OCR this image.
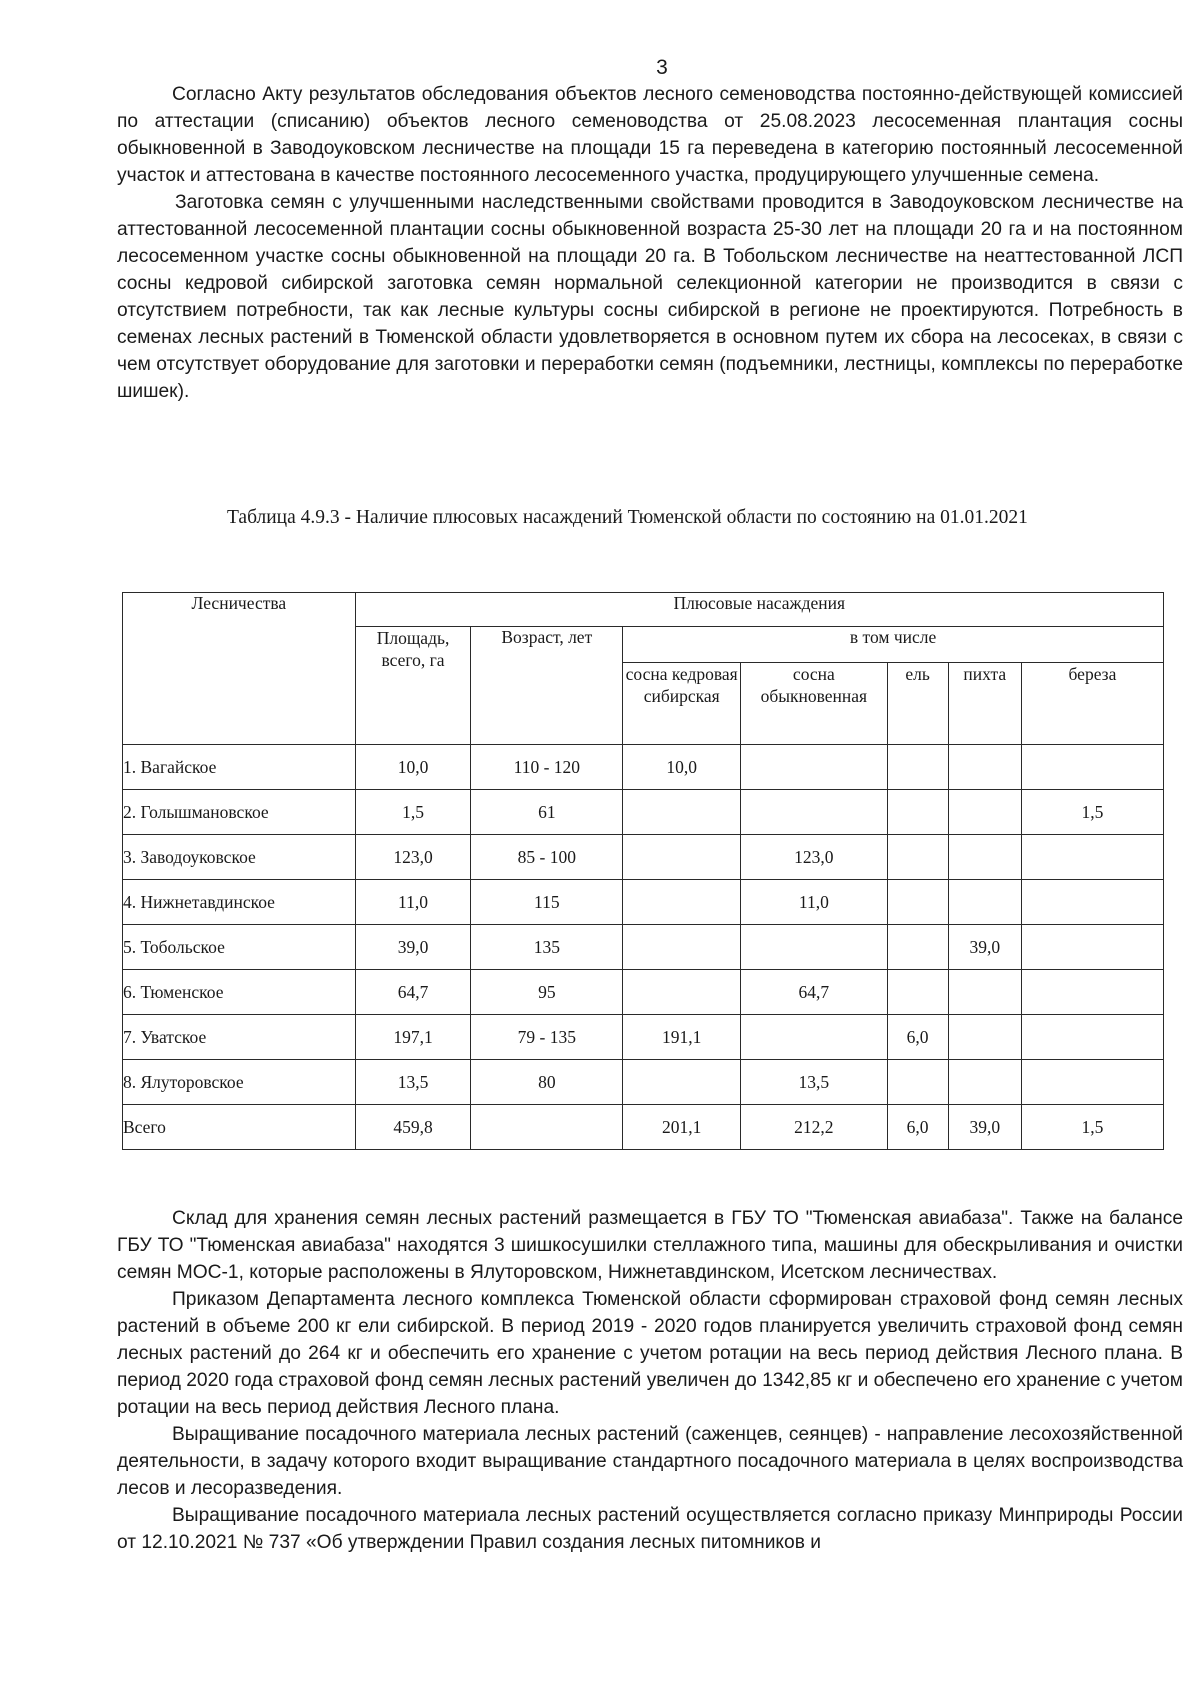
3

Согласно Акту результатов обследования объектов лесного семеноводства постоянно-действующей комиссией по аттестации (списанию) объектов лесного семеноводства от 25.08.2023 лесосеменная плантация сосны обыкновенной в Заводоуковском лесничестве на площади 15 га переведена в категорию постоянный лесосеменной участок и аттестована в качестве постоянного лесосеменного участка, продуцирующего улучшенные семена.

Заготовка семян с улучшенными наследственными свойствами проводится в Заводоуковском лесничестве на аттестованной лесосеменной плантации сосны обыкновенной возраста 25-30 лет на площади 20 га и на постоянном лесосеменном участке сосны обыкновенной на площади 20 га. В Тобольском лесничестве на неаттестованной ЛСП сосны кедровой сибирской заготовка семян нормальной селекционной категории не производится в связи с отсутствием потребности, так как лесные культуры сосны сибирской в регионе не проектируются. Потребность в семенах лесных растений в Тюменской области удовлетворяется в основном путем их сбора на лесосеках, в связи с чем отсутствует оборудование для заготовки и переработки семян (подъемники, лестницы, комплексы по переработке шишек).

Таблица 4.9.3 - Наличие плюсовых насаждений Тюменской области по состоянию на 01.01.2021

Лесничества	Плюсовые насаждения						
	Площадь, всего, га	Возраст, лет	в том числе				
			сосна кедровая сибирская	сосна обыкновенная	ель	пихта	береза
1. Вагайское	10,0	110 - 120	10,0				
2. Голышмановское	1,5	61					1,5
3. Заводоуковское	123,0	85 - 100		123,0			
4. Нижнетавдинское	11,0	115		11,0			
5. Тобольское	39,0	135				39,0	
6. Тюменское	64,7	95		64,7			
7. Уватское	197,1	79 - 135	191,1		6,0		
8. Ялуторовское	13,5	80		13,5			
Всего	459,8		201,1	212,2	6,0	39,0	1,5

Склад для хранения семян лесных растений размещается в ГБУ ТО "Тюменская авиабаза". Также на балансе ГБУ ТО "Тюменская авиабаза" находятся 3 шишкосушилки стеллажного типа, машины для обескрыливания и очистки семян МОС-1, которые расположены в Ялуторовском, Нижнетавдинском, Исетском лесничествах.

Приказом Департамента лесного комплекса Тюменской области сформирован страховой фонд семян лесных растений в объеме 200 кг ели сибирской. В период 2019 - 2020 годов планируется увеличить страховой фонд семян лесных растений до 264 кг и обеспечить его хранение с учетом ротации на весь период действия Лесного плана. В период 2020 года страховой фонд семян лесных растений увеличен до 1342,85 кг и обеспечено его хранение с учетом ротации на весь период действия Лесного плана.

Выращивание посадочного материала лесных растений (саженцев, сеянцев) - направление лесохозяйственной деятельности, в задачу которого входит выращивание стандартного посадочного материала в целях воспроизводства лесов и лесоразведения.

Выращивание посадочного материала лесных растений осуществляется согласно приказу Минприроды России от 12.10.2021 № 737 «Об утверждении Правил создания лесных питомников и
